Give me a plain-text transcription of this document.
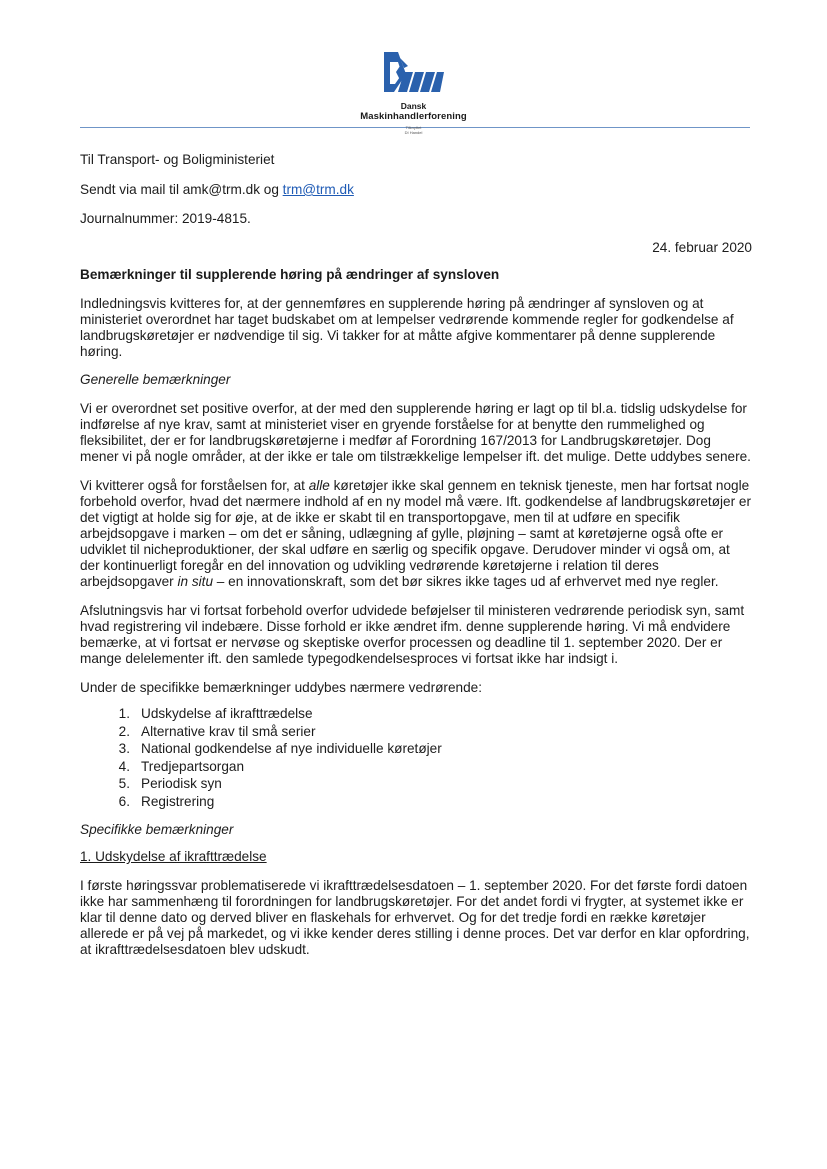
Dansk
Maskinhandlerforening
Tilknyttet
DI Handel

Til Transport- og Boligministeriet

Sendt via mail til amk@trm.dk og trm@trm.dk

Journalnummer: 2019-4815.

24. februar 2020

Bemærkninger til supplerende høring på ændringer af synsloven

Indledningsvis kvitteres for, at der gennemføres en supplerende høring på ændringer af synsloven og at ministeriet overordnet har taget budskabet om at lempelser vedrørende kommende regler for godkendelse af landbrugskøretøjer er nødvendige til sig. Vi takker for at måtte afgive kommentarer på denne supplerende høring.

Generelle bemærkninger

Vi er overordnet set positive overfor, at der med den supplerende høring er lagt op til bl.a. tidslig udskydelse for indførelse af nye krav, samt at ministeriet viser en gryende forståelse for at benytte den rummelighed og fleksibilitet, der er for landbrugskøretøjerne i medfør af Forordning 167/2013 for Landbrugskøretøjer. Dog mener vi på nogle områder, at der ikke er tale om tilstrækkelige lempelser ift. det mulige. Dette uddybes senere.

Vi kvitterer også for forståelsen for, at alle køretøjer ikke skal gennem en teknisk tjeneste, men har fortsat nogle forbehold overfor, hvad det nærmere indhold af en ny model må være. Ift. godkendelse af landbrugskøretøjer er det vigtigt at holde sig for øje, at de ikke er skabt til en transportopgave, men til at udføre en specifik arbejdsopgave i marken – om det er såning, udlægning af gylle, pløjning – samt at køretøjerne også ofte er udviklet til nicheproduktioner, der skal udføre en særlig og specifik opgave. Derudover minder vi også om, at der kontinuerligt foregår en del innovation og udvikling vedrørende køretøjerne i relation til deres arbejdsopgaver in situ – en innovationskraft, som det bør sikres ikke tages ud af erhvervet med nye regler.

Afslutningsvis har vi fortsat forbehold overfor udvidede beføjelser til ministeren vedrørende periodisk syn, samt hvad registrering vil indebære. Disse forhold er ikke ændret ifm. denne supplerende høring. Vi må endvidere bemærke, at vi fortsat er nervøse og skeptiske overfor processen og deadline til 1. september 2020. Der er mange delelementer ift. den samlede typegodkendelsesproces vi fortsat ikke har indsigt i.

Under de specifikke bemærkninger uddybes nærmere vedrørende:

1. Udskydelse af ikrafttrædelse
2. Alternative krav til små serier
3. National godkendelse af nye individuelle køretøjer
4. Tredjepartsorgan
5. Periodisk syn
6. Registrering

Specifikke bemærkninger

1. Udskydelse af ikrafttrædelse

I første høringssvar problematiserede vi ikrafttrædelsesdatoen – 1. september 2020. For det første fordi datoen ikke har sammenhæng til forordningen for landbrugskøretøjer. For det andet fordi vi frygter, at systemet ikke er klar til denne dato og derved bliver en flaskehals for erhvervet. Og for det tredje fordi en række køretøjer allerede er på vej på markedet, og vi ikke kender deres stilling i denne proces. Det var derfor en klar opfordring, at ikrafttrædelsesdatoen blev udskudt.
